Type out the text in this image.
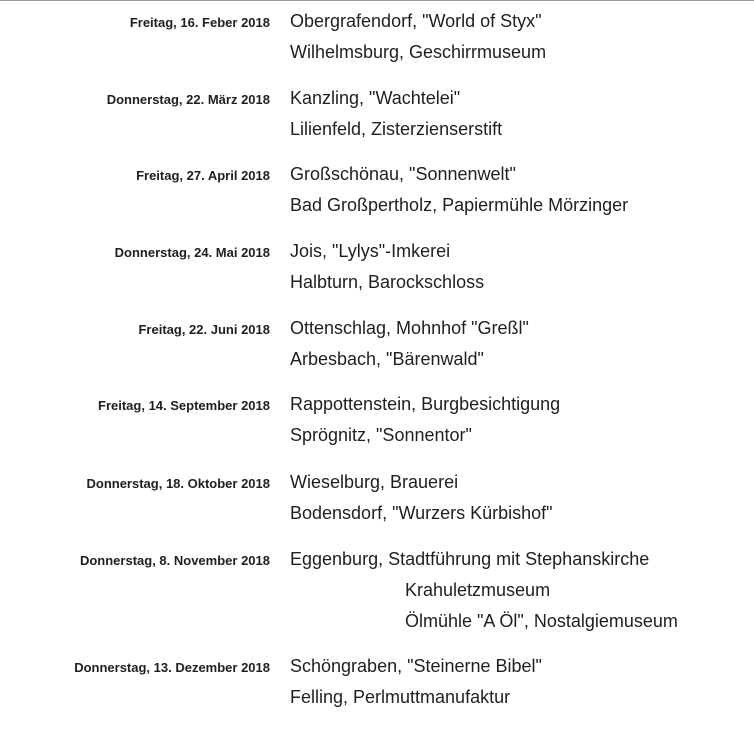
Freitag, 16. Feber 2018 Obergrafendorf, "World of Styx"
Wilhelmsburg, Geschirrmuseum
Donnerstag, 22. März 2018 Kanzling, "Wachtelei"
Lilienfeld, Zisterzienserstift
Freitag, 27. April 2018 Großschönau, "Sonnenwelt"
Bad Großpertholz, Papiermühle Mörzinger
Donnerstag, 24. Mai 2018 Jois, "Lylys"-Imkerei
Halbturn, Barockschloss
Freitag, 22. Juni 2018 Ottenschlag, Mohnhof "Greßl"
Arbesbach, "Bärenwald"
Freitag, 14. September 2018 Rappottenstein, Burgbesichtigung
Sprögnitz, "Sonnentor"
Donnerstag, 18. Oktober 2018 Wieselburg, Brauerei
Bodensdorf, "Wurzers Kürbishof"
Donnerstag, 8. November 2018 Eggenburg, Stadtführung mit Stephanskirche
Krahuletzmuseum
Ölmühle "A Öl", Nostalgiemuseum
Donnerstag, 13. Dezember 2018 Schöngraben, "Steinerne Bibel"
Felling, Perlmuttmanufaktur
